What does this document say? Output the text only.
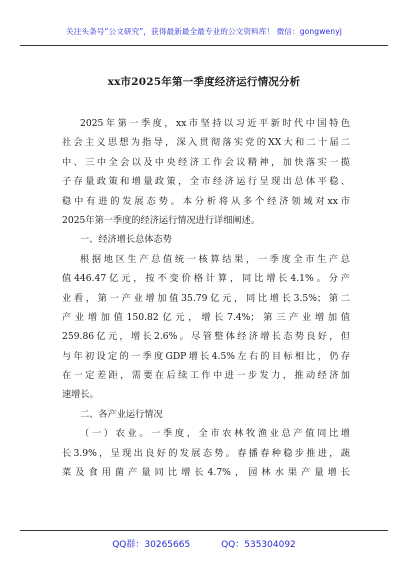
关注头条号“公文研究”，获得最新最全最专业的公文资料库！ 微信：gongwenyj
xx市2025年第一季度经济运行情况分析
2025年第一季度，xx市坚持以习近平新时代中国特色
社会主义思想为指导，深入贯彻落实党的XX大和二十届二
中、三中全会以及中央经济工作会议精神，加快落实一揽
子存量政策和增量政策，全市经济运行呈现出总体平稳、
稳中有进的发展态势。本分析将从多个经济领域对xx市
2025年第一季度的经济运行情况进行详细阐述。
一、经济增长总体态势
根据地区生产总值统一核算结果，一季度全市生产总
值446.47亿元，按不变价格计算，同比增长4.1%。分产
业看，第一产业增加值35.79亿元，同比增长3.5%；第二
产业增加值150.82亿元，增长7.4%；第三产业增加值
259.86亿元，增长2.6%。尽管整体经济增长态势良好，但
与年初设定的一季度GDP增长4.5%左右的目标相比，仍存
在一定差距，需要在后续工作中进一步发力，推动经济加
速增长。
二、各产业运行情况
（一）农业。一季度，全市农林牧渔业总产值同比增
长3.9%，呈现出良好的发展态势。春播春种稳步推进，蔬
菜及食用菌产量同比增长4.7%，园林水果产量增长
QQ群：30265665	QQ：535304092
